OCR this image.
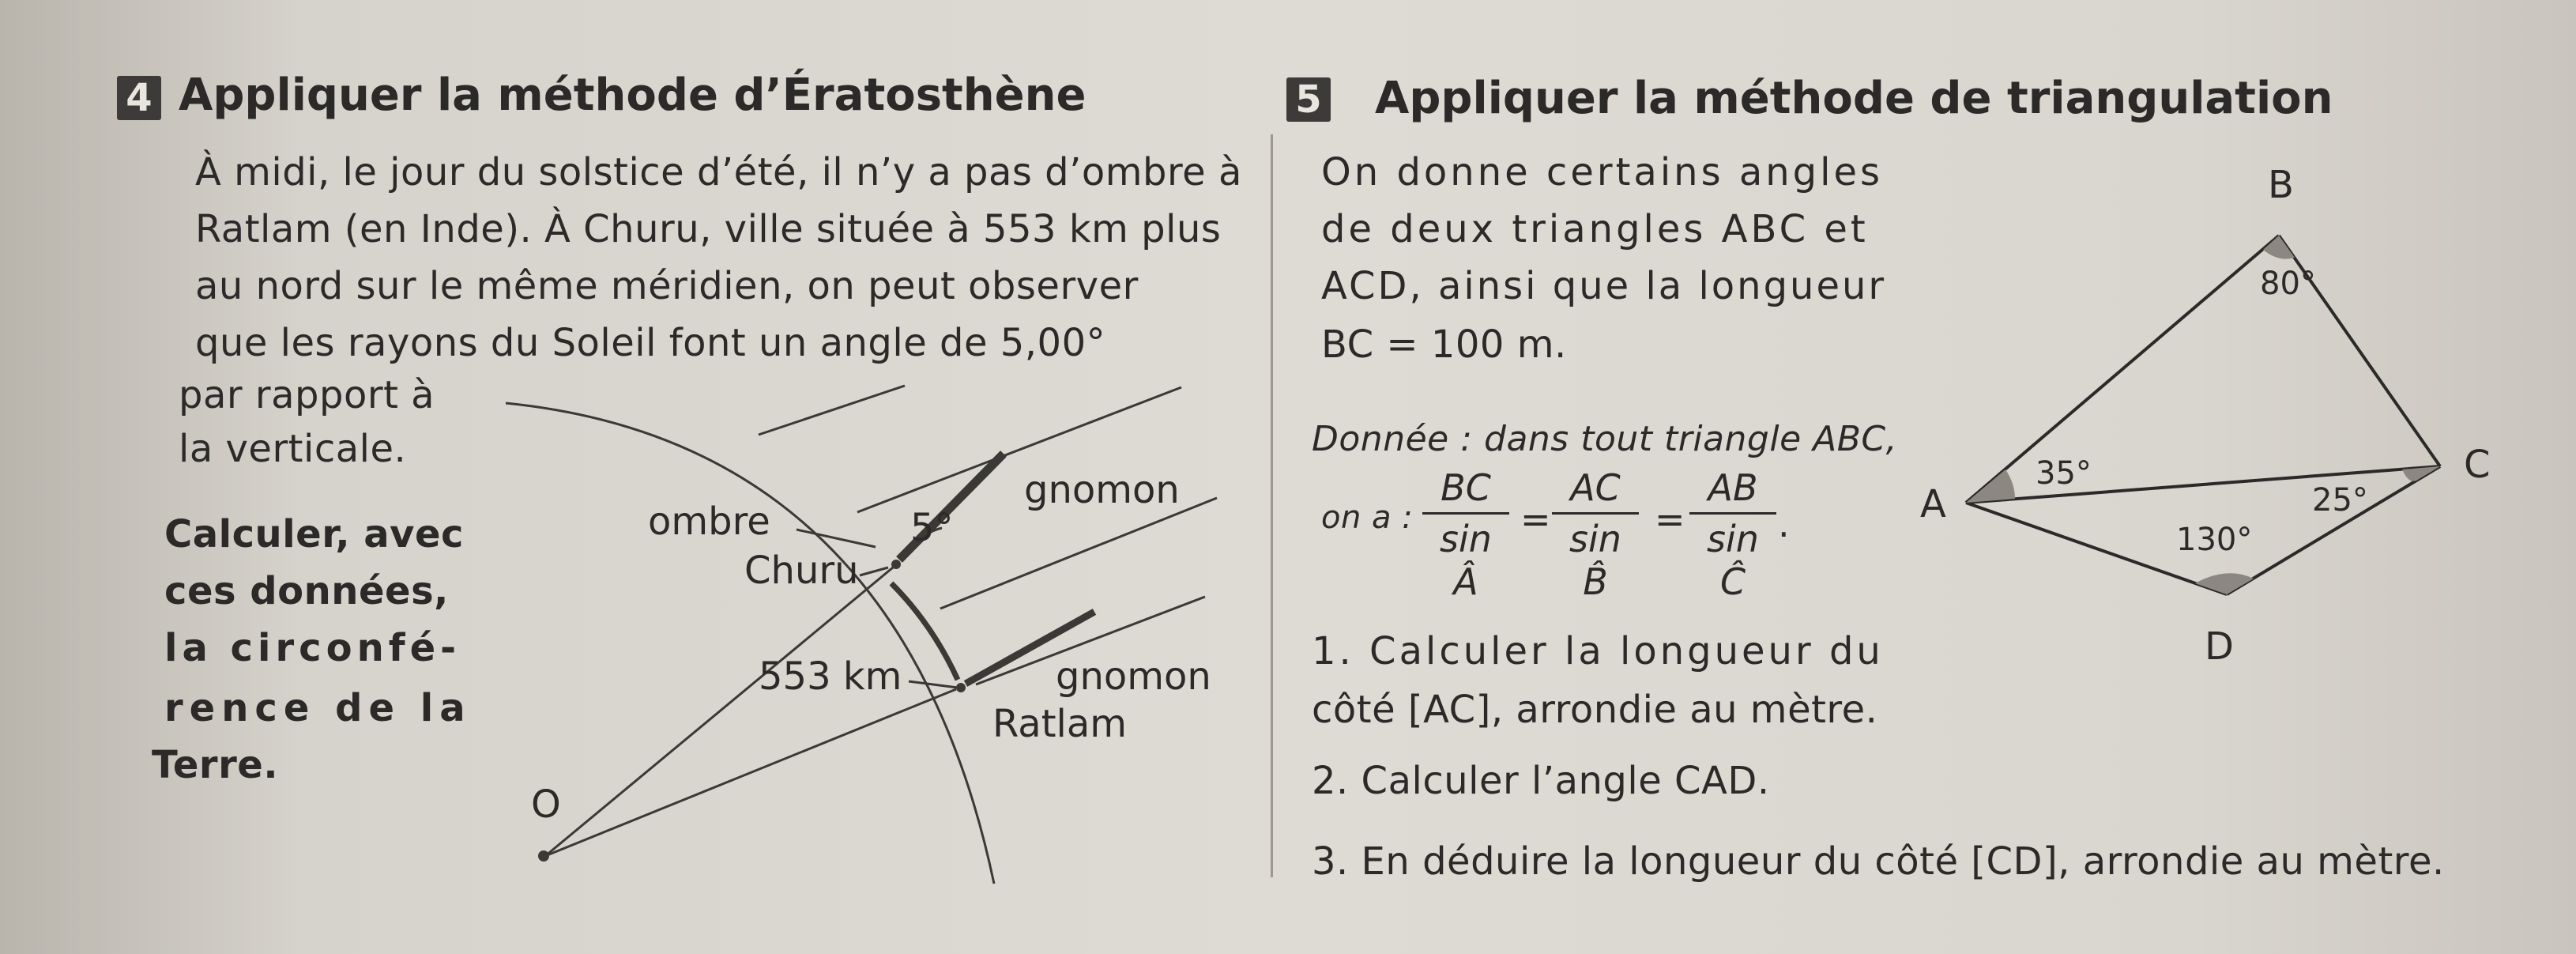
4 Appliquer la méthode d’Ératosthène
À midi, le jour du solstice d’été, il n’y a pas d’ombre à
Ratlam (en Inde). À Churu, ville située à 553 km plus
au nord sur le même méridien, on peut observer
que les rayons du Soleil font un angle de 5,00°
par rapport à
la verticale.
Calculer, avec
ces données,
la circonfé-
rence de la
Terre.
ombre
gnomon
5°
Churu
553 km	gnomon
Ratlam
O
5 Appliquer la méthode de triangulation
On donne certains angles
de deux triangles ABC et
ACD, ainsi que la longueur
BC = 100 m.
Donnée : dans tout triangle ABC,
on a :
BC
sin Â
=
AC
sin B̂
=
AB
sin Ĉ
.
1. Calculer la longueur du
côté [AC], arrondie au mètre.
2. Calculer l’angle CAD.
3. En déduire la longueur du côté [CD], arrondie au mètre.
A
B
C
D
80°
35°
25°
130°
